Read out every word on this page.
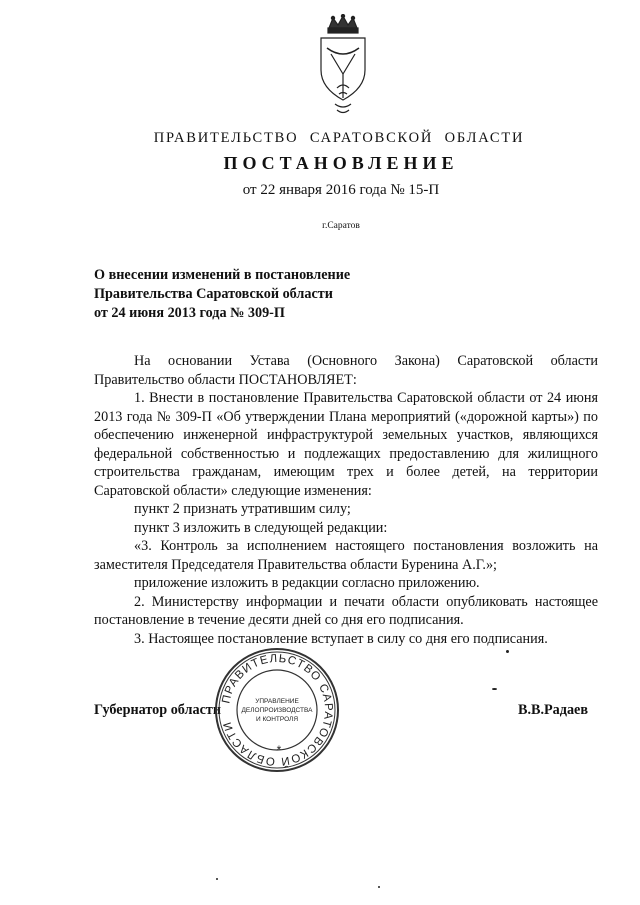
ПРАВИТЕЛЬСТВО САРАТОВСКОЙ ОБЛАСТИ
ПОСТАНОВЛЕНИЕ
от 22 января 2016 года № 15-П
г.Саратов
О внесении изменений в постановление
Правительства Саратовской области
от 24 июня 2013 года № 309-П

На основании Устава (Основного Закона) Саратовской области Правительство области ПОСТАНОВЛЯЕТ:

1. Внести в постановление Правительства Саратовской области от 24 июня 2013 года № 309-П «Об утверждении Плана мероприятий («дорожной карты») по обеспечению инженерной инфраструктурой земельных участков, являющихся федеральной собственностью и подлежащих предоставлению для жилищного строительства гражданам, имеющим трех и более детей, на территории Саратовской области» следующие изменения:

пункт 2 признать утратившим силу;

пункт 3 изложить в следующей редакции:

«3. Контроль за исполнением настоящего постановления возложить на заместителя Председателя Правительства области Буренина А.Г.»;

приложение изложить в редакции согласно приложению.

2. Министерству информации и печати области опубликовать настоящее постановление в течение десяти дней со дня его подписания.

3. Настоящее постановление вступает в силу со дня его подписания.

Губернатор области	В.В.Радаев
ПРАВИТЕЛЬСТВО САРАТОВСКОЙ ОБЛАСТИ
УПРАВЛЕНИЕ
ДЕЛОПРОИЗВОДСТВА
И КОНТРОЛЯ
*
